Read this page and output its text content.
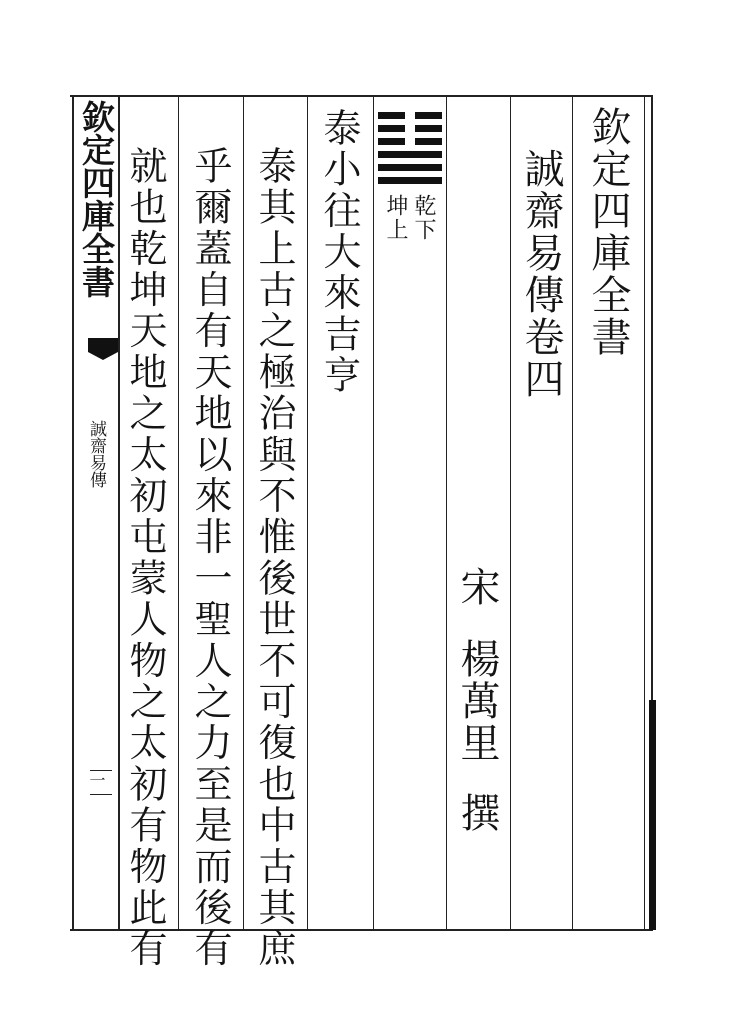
欽定四庫全書
誠齋易傳卷四
宋
楊萬里
撰
乾下
坤上
泰小往大來吉亨
泰其上古之極治與不惟後世不可復也中古其庶
乎爾蓋自有天地以來非一聖人之力至是而後有
就也乾坤天地之太初屯蒙人物之太初有物此有
欽定四庫全書
誠齋易傳
一
